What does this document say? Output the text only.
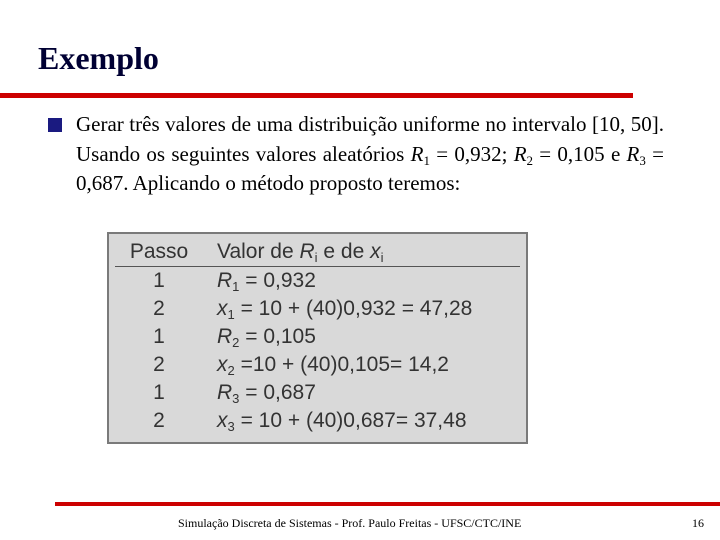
Exemplo
Gerar três valores de uma distribuição uniforme no intervalo [10, 50]. Usando os seguintes valores aleatórios $R_1 = 0,932$; $R_2 = 0,105$ e $R_3 = 0,687$. Aplicando o método proposto teremos:
Passo	Valor de $R_i$ e de $x_i$
1	$R_1 = 0,932$
2	$x_1 = 10 + (40)0,932 = 47,28$
1	$R_2 = 0,105$
2	$x_2 =10 + (40)0,105= 14,2$
1	$R_3 = 0,687$
2	$x_3 = 10 + (40)0,687= 37,48$
Simulação Discreta de Sistemas - Prof. Paulo Freitas - UFSC/CTC/INE	16
